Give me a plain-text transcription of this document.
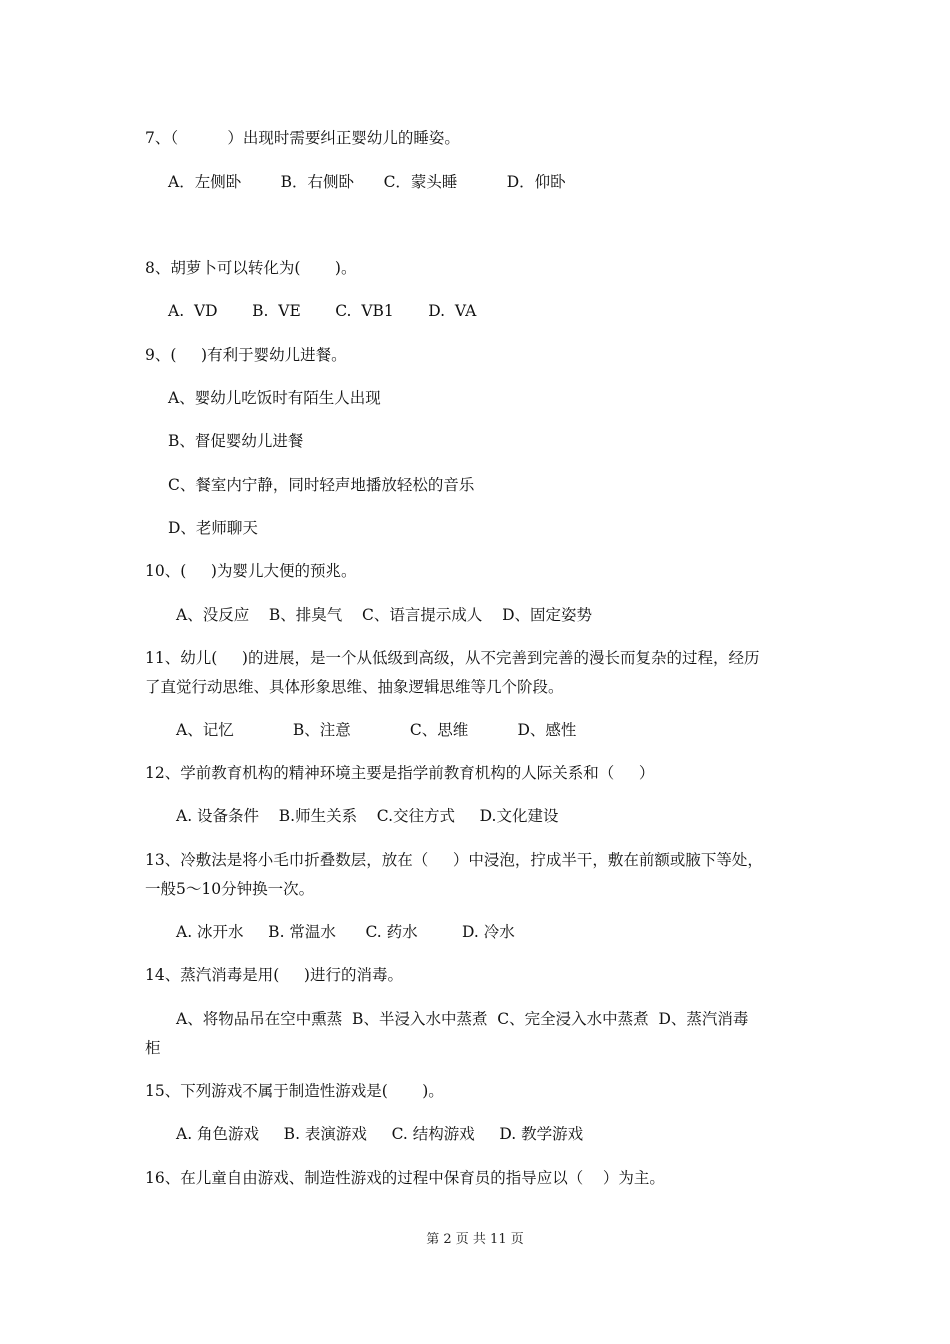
7、（          ）出现时需要纠正婴幼儿的睡姿。
A．左侧卧        B．右侧卧      C．蒙头睡          D．仰卧
8、胡萝卜可以转化为(       )。
A.  VD       B.  VE       C.  VB1       D.  VA
9、(     )有利于婴幼儿进餐。
A、婴幼儿吃饭时有陌生人出现
B、督促婴幼儿进餐
C、餐室内宁静，同时轻声地播放轻松的音乐
D、老师聊天
10、(     )为婴儿大便的预兆。
A、没反应    B、排臭气    C、语言提示成人    D、固定姿势
11、幼儿(     )的进展，是一个从低级到高级，从不完善到完善的漫长而复杂的过程，经历
了直觉行动思维、具体形象思维、抽象逻辑思维等几个阶段。
A、记忆            B、注意            C、思维          D、感性
12、学前教育机构的精神环境主要是指学前教育机构的人际关系和（     ）
A. 设备条件    B.师生关系    C.交往方式     D.文化建设
13、冷敷法是将小毛巾折叠数层，放在（     ）中浸泡，拧成半干，敷在前额或腋下等处，
一般5～10分钟换一次。
A. 冰开水     B. 常温水      C. 药水         D. 冷水
14、蒸汽消毒是用(     )进行的消毒。
A、将物品吊在空中熏蒸  B、半浸入水中蒸煮  C、完全浸入水中蒸煮  D、蒸汽消毒
柜
15、下列游戏不属于制造性游戏是(       )。
A. 角色游戏     B. 表演游戏     C. 结构游戏     D. 教学游戏
16、在儿童自由游戏、制造性游戏的过程中保育员的指导应以（    ）为主。
第 2 页 共 11 页
